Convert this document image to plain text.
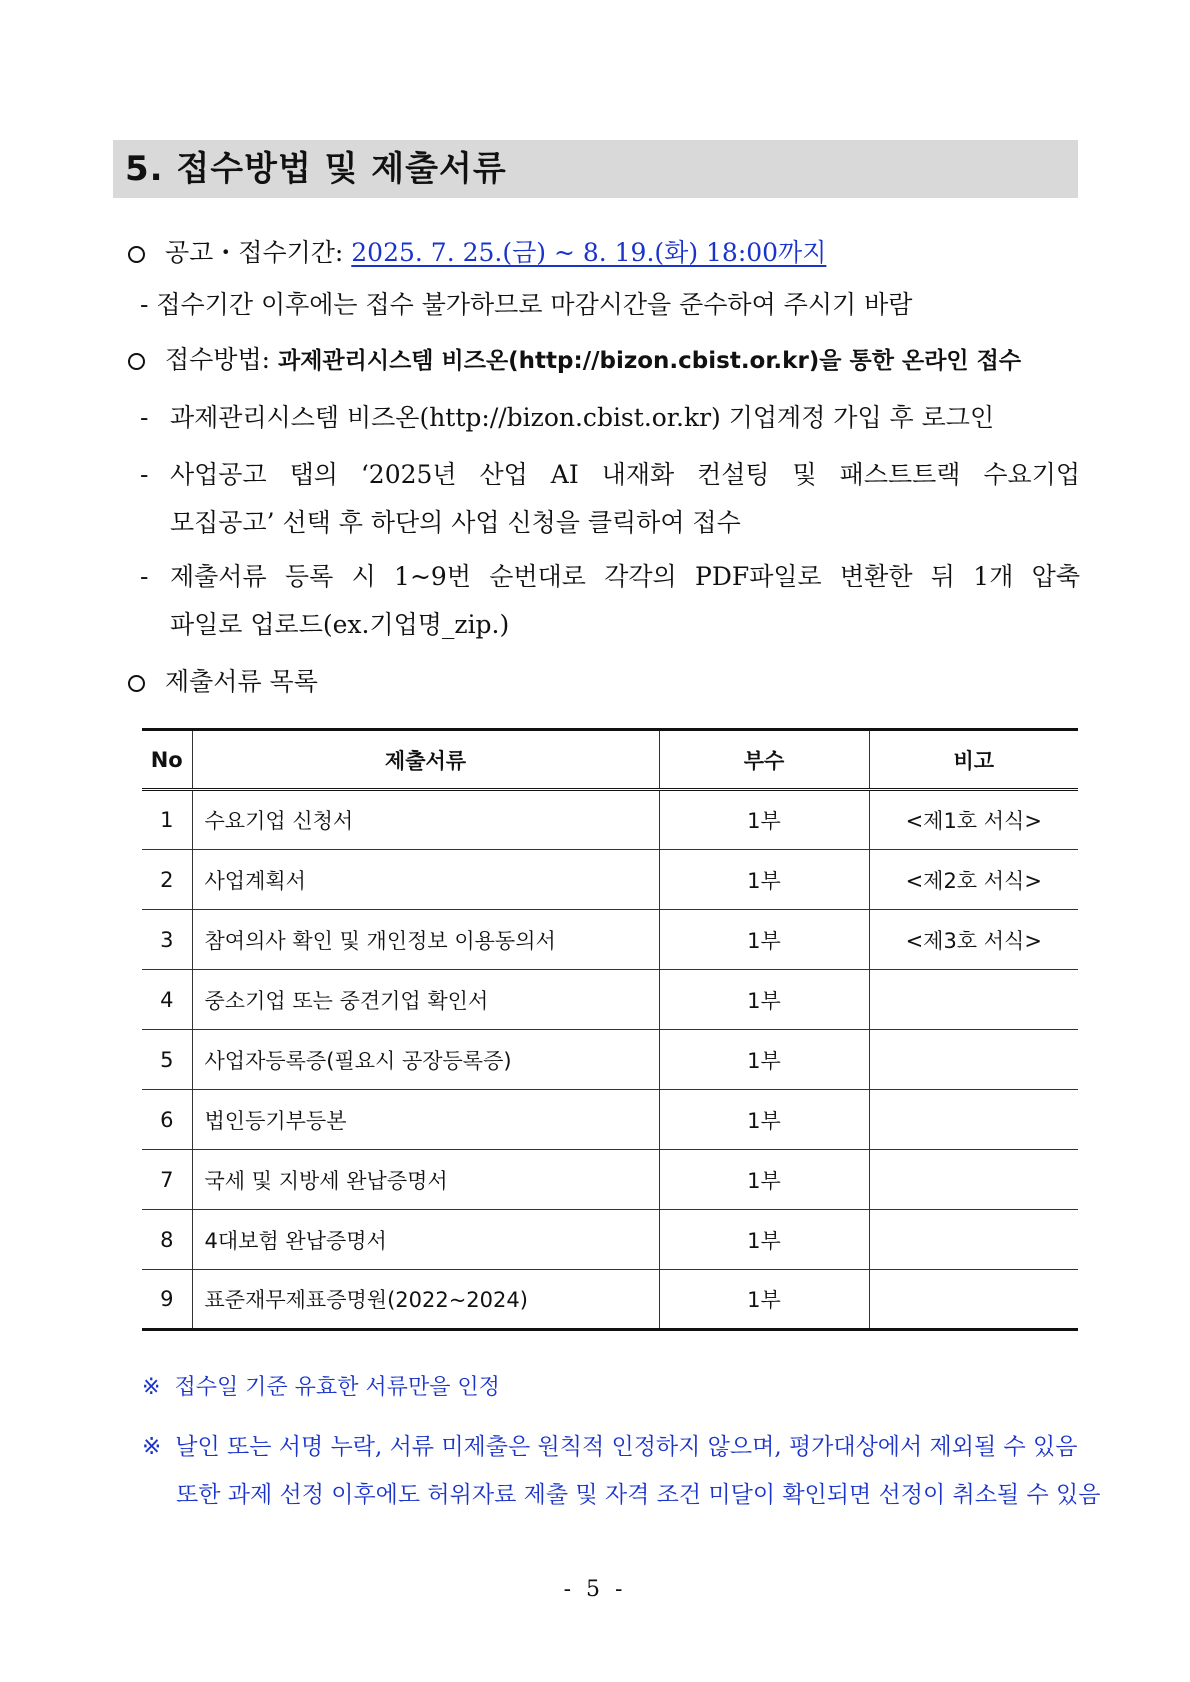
5. 접수방법 및 제출서류
공고・접수기간: 2025. 7. 25.(금) ~ 8. 19.(화) 18:00까지
- 접수기간 이후에는 접수 불가하므로 마감시간을 준수하여 주시기 바람
접수방법: 과제관리시스템 비즈온(http://bizon.cbist.or.kr)을 통한 온라인 접수
- 과제관리시스템 비즈온(http://bizon.cbist.or.kr) 기업계정 가입 후 로그인
- 사업공고 탭의 ‘2025년 산업 AI 내재화 컨설팅 및 패스트트랙 수요기업
모집공고’ 선택 후 하단의 사업 신청을 클릭하여 접수
- 제출서류 등록 시 1~9번 순번대로 각각의 PDF파일로 변환한 뒤 1개 압축
파일로 업로드(ex.기업명_zip.)
제출서류 목록
No	제출서류	부수	비고
1	수요기업 신청서	1부	<제1호 서식>
2	사업계획서	1부	<제2호 서식>
3	참여의사 확인 및 개인정보 이용동의서	1부	<제3호 서식>
4	중소기업 또는 중견기업 확인서	1부	
5	사업자등록증(필요시 공장등록증)	1부	
6	법인등기부등본	1부	
7	국세 및 지방세 완납증명서	1부	
8	4대보험 완납증명서	1부	
9	표준재무제표증명원(2022~2024)	1부	
※ 접수일 기준 유효한 서류만을 인정
※ 날인 또는 서명 누락, 서류 미제출은 원칙적 인정하지 않으며, 평가대상에서 제외될 수 있음
또한 과제 선정 이후에도 허위자료 제출 및 자격 조건 미달이 확인되면 선정이 취소될 수 있음
- 5 -
